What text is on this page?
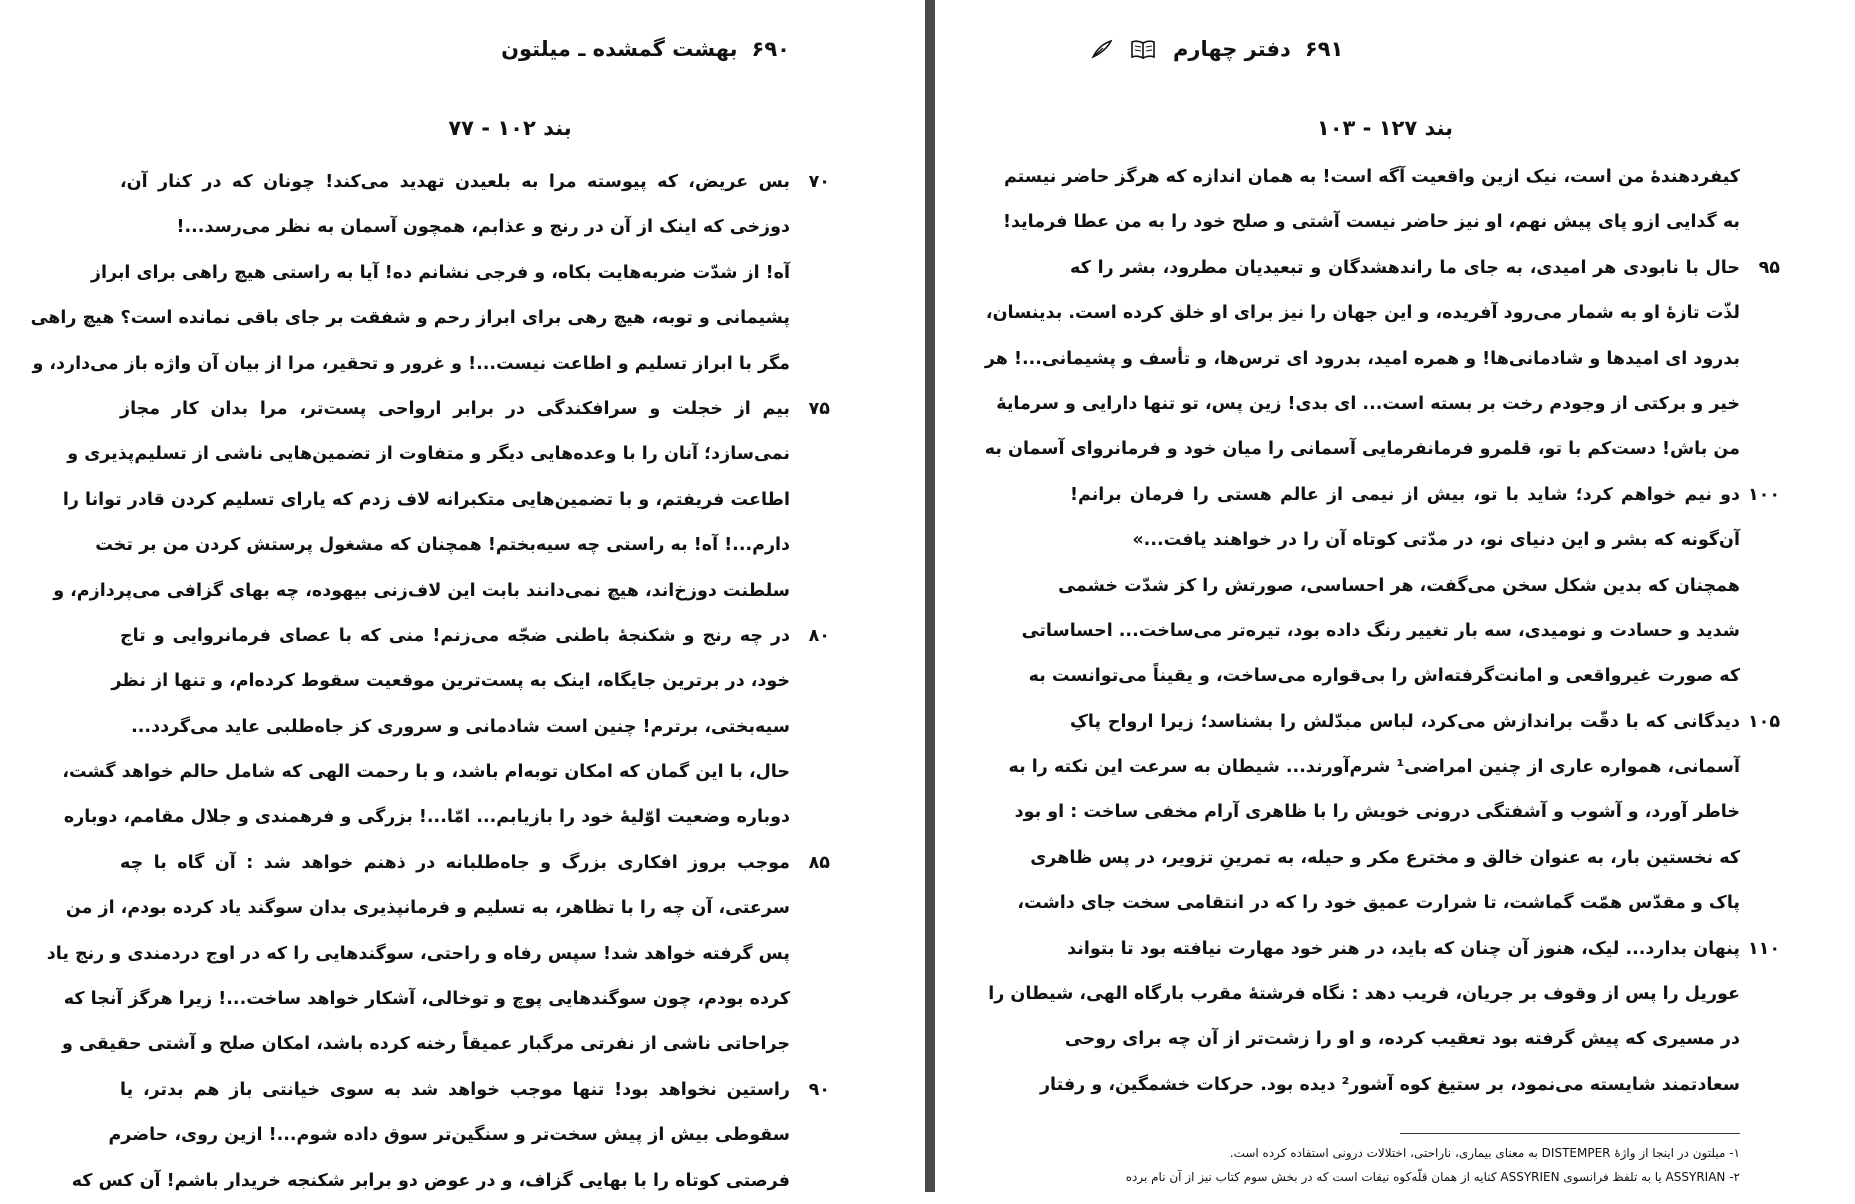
۶۹۰
بهشت گمشده ـ میلتون
بند ۱۰۲ - ۷۷
بس عریض، که پیوسته مرا به بلعیدن تهدید می‌کند! چونان که در کنار آن،	۷۰
دوزخی که اینک از آن در رنج و عذابم، همچون آسمان به نظر می‌رسد...!
آه! از شدّت ضربه‌هایت بکاه، و فرجی نشانم ده! آیا به راستی هیچ راهی برای ابراز
پشیمانی و توبه، هیچ رهی برای ابراز رحم و شفقت بر جای باقی نمانده است؟ هیچ راهی
مگر با ابراز تسلیم و اطاعت نیست...! و غرور و تحقیر، مرا از بیان آن واژه باز می‌دارد، و
بیم از خجلت و سرافکندگی در برابر ارواحی پست‌تر، مرا بدان کار مجاز	۷۵
نمی‌سازد؛ آنان را با وعده‌هایی دیگر و متفاوت از تضمین‌هایی ناشی از تسلیم‌پذیری و
اطاعت فریفتم، و با تضمین‌هایی متکبرانه لاف زدم که یارای تسلیم کردن قادر توانا را
دارم...! آه! به راستی چه سیه‌بختم! همچنان که مشغول پرستش کردن من بر تخت
سلطنت دوزخ‌اند، هیچ نمی‌دانند بابت این لاف‌زنی بیهوده، چه بهای گزافی می‌پردازم، و
در چه رنج و شکنجهٔ باطنی ضجّه می‌زنم! منی که با عصای فرمانروایی و تاج	۸۰
خود، در برترین جایگاه، اینک به پست‌ترین موقعیت سقوط کرده‌ام، و تنها از نظر
سیه‌بختی، برترم! چنین است شادمانی و سروری کز جاه‌طلبی عاید می‌گردد...
حال، با این گمان که امکان توبه‌ام باشد، و با رحمت الهی که شامل حالم خواهد گشت،
دوباره وضعیت اوّلیهٔ خود را بازیابم... امّا...! بزرگی و فرهمندی و جلال مقامم، دوباره
موجب بروز افکاری بزرگ و جاه‌طلبانه در ذهنم خواهد شد : آن گاه با چه	۸۵
سرعتی، آن چه را با تظاهر، به تسلیم و فرمانپذیری بدان سوگند یاد کرده بودم، از من
پس گرفته خواهد شد! سپس رفاه و راحتی، سوگندهایی را که در اوج دردمندی و رنج یاد
کرده بودم، چون سوگندهایی پوچ و توخالی، آشکار خواهد ساخت...! زیرا هرگز آنجا که
جراحاتی ناشی از نفرتی مرگبار عمیقاً رخنه کرده باشد، امکان صلح و آشتی حقیقی و
راستین نخواهد بود! تنها موجب خواهد شد به سوی خیانتی باز هم بدتر، یا	۹۰
سقوطی بیش از پیش سخت‌تر و سنگین‌تر سوق داده شوم...! ازین روی، حاضرم
فرصتی کوتاه را با بهایی گزاف، و در عوض دو برابر شکنجه خریدار باشم! آن کس که
۶۹۱
دفتر چهارم
بند ۱۲۷ - ۱۰۳
کیفردهندهٔ من است، نیک ازین واقعیت آگه است! به همان اندازه که هرگز حاضر نیستم
به گدایی ازو پای پیش نهم، او نیز حاضر نیست آشتی و صلح خود را به من عطا فرماید!
حال با نابودی هر امیدی، به جای ما راندهشدگان و تبعیدیان مطرود، بشر را که	۹۵
لذّت تازهٔ او به شمار می‌رود آفریده، و این جهان را نیز برای او خلق کرده است. بدینسان،
بدرود ای امیدها و شادمانی‌ها! و همره امید، بدرود ای ترس‌ها، و تأسف و پشیمانی...! هر
خیر و برکتی از وجودم رخت بر بسته است... ای بدی! زین پس، تو تنها دارایی و سرمایهٔ
من باش! دست‌کم با تو، قلمرو فرمانفرمایی آسمانی را میان خود و فرمانروای آسمان به
دو نیم خواهم کرد؛ شاید با تو، بیش از نیمی از عالم هستی را فرمان برانم! ۱۰۰
آن‌گونه که بشر و این دنیای نو، در مدّتی کوتاه آن را در خواهند یافت...»
همچنان که بدین شکل سخن می‌گفت، هر احساسی، صورتش را کز شدّت خشمی
شدید و حسادت و نومیدی، سه بار تغییر رنگ داده بود، تیره‌تر می‌ساخت... احساساتی
که صورت غیرواقعی و امانت‌گرفته‌اش را بی‌قواره می‌ساخت، و یقیناً می‌توانست به
دیدگانی که با دقّت برانداز‌ش می‌کرد، لباس مبدّلش را بشناسد؛ زیرا ارواح پاکِ ۱۰۵
آسمانی، همواره عاری از چنین امراضی¹ شرم‌آورند... شیطان به سرعت این نکته را به
خاطر آورد، و آشوب و آشفتگی درونی خویش را با ظاهری آرام مخفی ساخت : او بود
که نخستین بار، به عنوان خالق و مخترع مکر و حیله، به تمرینِ تزویر، در پس ظاهری
پاک و مقدّس همّت گماشت، تا شرارت عمیق خود را که در انتقامی سخت جای داشت،
پنهان بدارد... لیک، هنوز آن چنان که باید، در هنر خود مهارت نیافته بود تا بتواند ۱۱۰
عوریل را پس از وقوف بر جریان، فریب دهد : نگاه فرشتهٔ مقرب بارگاه الهی، شیطان را
در مسیری که پیش گرفته بود تعقیب کرده، و او را زشت‌تر از آن چه برای روحی
سعادتمند شایسته می‌نمود، بر ستیغ کوه آشور² دیده بود. حرکات خشمگین، و رفتار
۱- میلتون در اینجا از واژهٔ DISTEMPER به معنای بیماری، ناراحتی، اختلالات درونی استفاده کرده است.
۲- ASSYRIAN یا به تلفظ فرانسوی ASSYRIEN کنایه از همان قلّه‌کوه نیفات است که در بخش سوم کتاب نیز از آن نام برده
